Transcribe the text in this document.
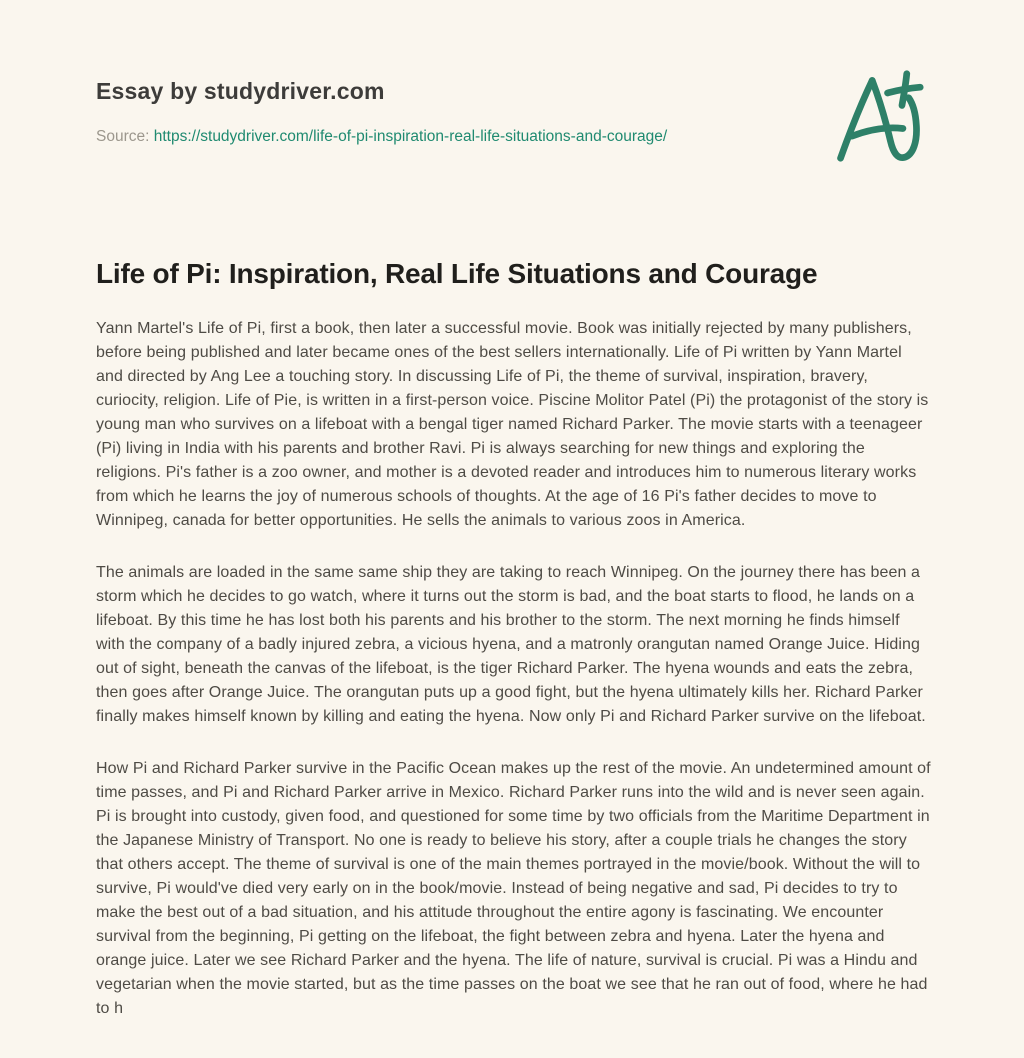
Essay by studydriver.com
Source: https://studydriver.com/life-of-pi-inspiration-real-life-situations-and-courage/
Life of Pi: Inspiration, Real Life Situations and Courage

Yann Martel's Life of Pi, first a book, then later a successful movie. Book was initially rejected by many publishers, before being published and later became ones of the best sellers internationally. Life of Pi written by Yann Martel and directed by Ang Lee a touching story. In discussing Life of Pi, the theme of survival, inspiration, bravery, curiocity, religion. Life of Pie, is written in a first-person voice. Piscine Molitor Patel (Pi) the protagonist of the story is young man who survives on a lifeboat with a bengal tiger named Richard Parker. The movie starts with a teenageer (Pi) living in India with his parents and brother Ravi. Pi is always searching for new things and exploring the religions. Pi's father is a zoo owner, and mother is a devoted reader and introduces him to numerous literary works from which he learns the joy of numerous schools of thoughts. At the age of 16 Pi's father decides to move to Winnipeg, canada for better opportunities. He sells the animals to various zoos in America.

The animals are loaded in the same same ship they are taking to reach Winnipeg. On the journey there has been a storm which he decides to go watch, where it turns out the storm is bad, and the boat starts to flood, he lands on a lifeboat. By this time he has lost both his parents and his brother to the storm. The next morning he finds himself with the company of a badly injured zebra, a vicious hyena, and a matronly orangutan named Orange Juice. Hiding out of sight, beneath the canvas of the lifeboat, is the tiger Richard Parker. The hyena wounds and eats the zebra, then goes after Orange Juice. The orangutan puts up a good fight, but the hyena ultimately kills her. Richard Parker finally makes himself known by killing and eating the hyena. Now only Pi and Richard Parker survive on the lifeboat.

How Pi and Richard Parker survive in the Pacific Ocean makes up the rest of the movie. An undetermined amount of time passes, and Pi and Richard Parker arrive in Mexico. Richard Parker runs into the wild and is never seen again. Pi is brought into custody, given food, and questioned for some time by two officials from the Maritime Department in the Japanese Ministry of Transport. No one is ready to believe his story, after a couple trials he changes the story that others accept. The theme of survival is one of the main themes portrayed in the movie/book. Without the will to survive, Pi would've died very early on in the book/movie. Instead of being negative and sad, Pi decides to try to make the best out of a bad situation, and his attitude throughout the entire agony is fascinating. We encounter survival from the beginning, Pi getting on the lifeboat, the fight between zebra and hyena. Later the hyena and orange juice. Later we see Richard Parker and the hyena. The life of nature, survival is crucial. Pi was a Hindu and vegetarian when the movie started, but as the time passes on the boat we see that he ran out of food, where he had to h
